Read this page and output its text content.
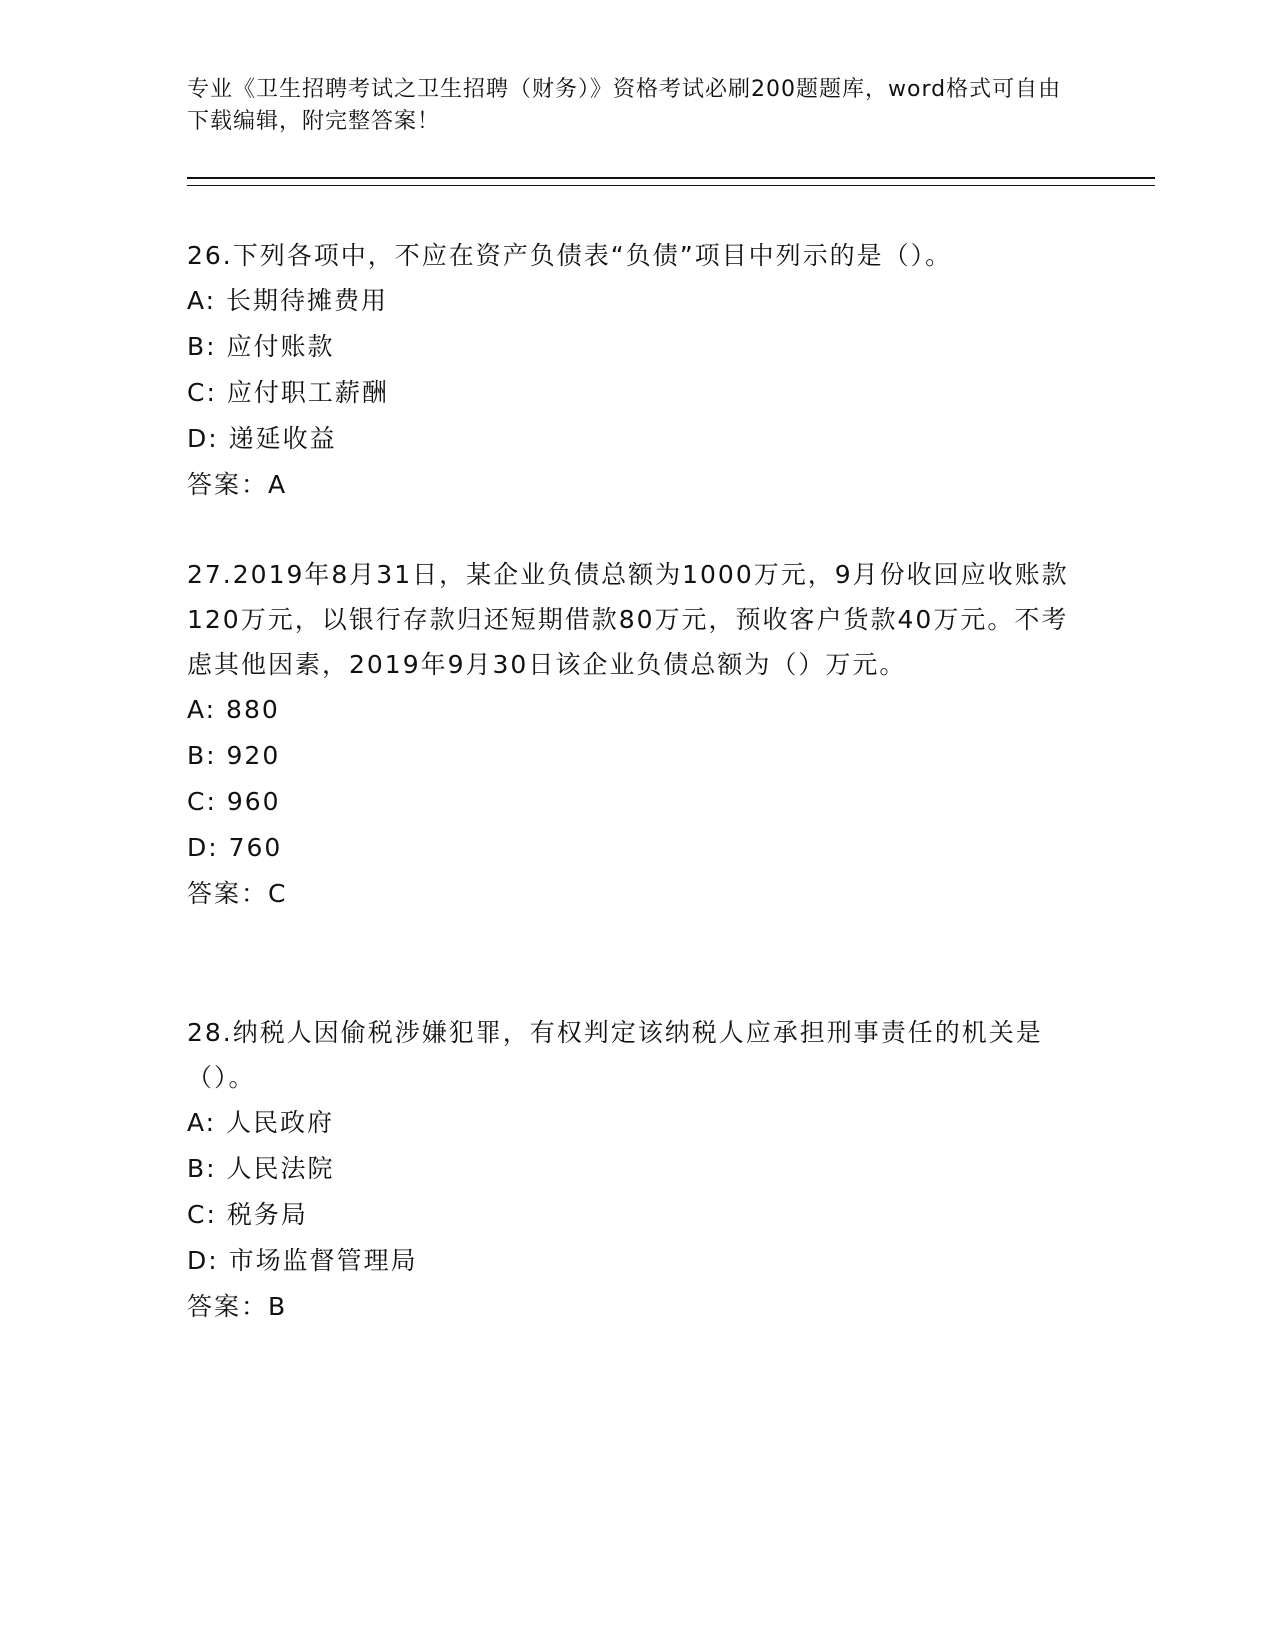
专业《卫生招聘考试之卫生招聘（财务）》资格考试必刷200题题库，word格式可自由下载编辑，附完整答案！

26.下列各项中，不应在资产负债表“负债”项目中列示的是（）。

A: 长期待摊费用

B: 应付账款

C: 应付职工薪酬

D: 递延收益

答案：A

27.2019年8月31日，某企业负债总额为1000万元，9月份收回应收账款120万元，以银行存款归还短期借款80万元，预收客户货款40万元。不考虑其他因素，2019年9月30日该企业负债总额为（）万元。

A: 880

B: 920

C: 960

D: 760

答案：C

28.纳税人因偷税涉嫌犯罪，有权判定该纳税人应承担刑事责任的机关是（）。

A: 人民政府

B: 人民法院

C: 税务局

D: 市场监督管理局

答案：B
